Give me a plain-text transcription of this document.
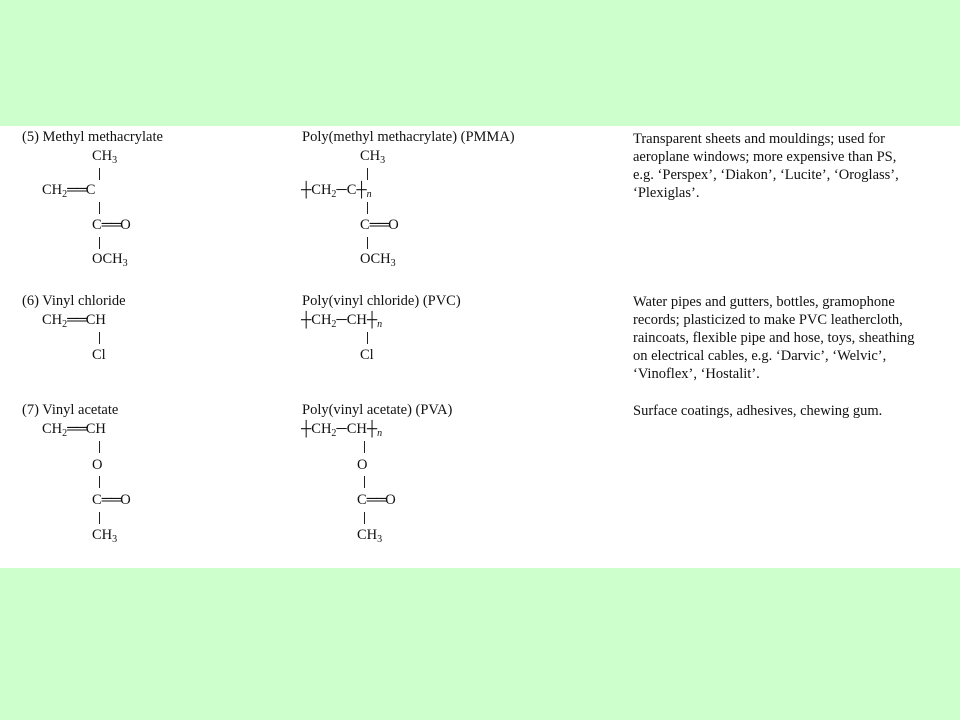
(5) Methyl methacrylate
$CH_3$
$CH_2══C$
C══O
$OCH_3$
Poly(methyl methacrylate) (PMMA)
$CH_3$
$┼CH_2─C┼_n$
C══O
$OCH_3$
Transparent sheets and mouldings; used for
aeroplane windows; more expensive than PS,
e.g. ‘Perspex’, ‘Diakon’, ‘Lucite’, ‘Oroglass’,
‘Plexiglas’.
(6) Vinyl chloride
$CH_2══CH$
Cl
Poly(vinyl chloride) (PVC)
$┼CH_2─CH┼_n$
Cl
Water pipes and gutters, bottles, gramophone
records; plasticized to make PVC leathercloth,
raincoats, flexible pipe and hose, toys, sheathing
on electrical cables, e.g. ‘Darvic’, ‘Welvic’,
‘Vinoflex’, ‘Hostalit’.
(7) Vinyl acetate
$CH_2══CH$
O
C══O
$CH_3$
Poly(vinyl acetate) (PVA)
$┼CH_2─CH┼_n$
O
C══O
$CH_3$
Surface coatings, adhesives, chewing gum.
